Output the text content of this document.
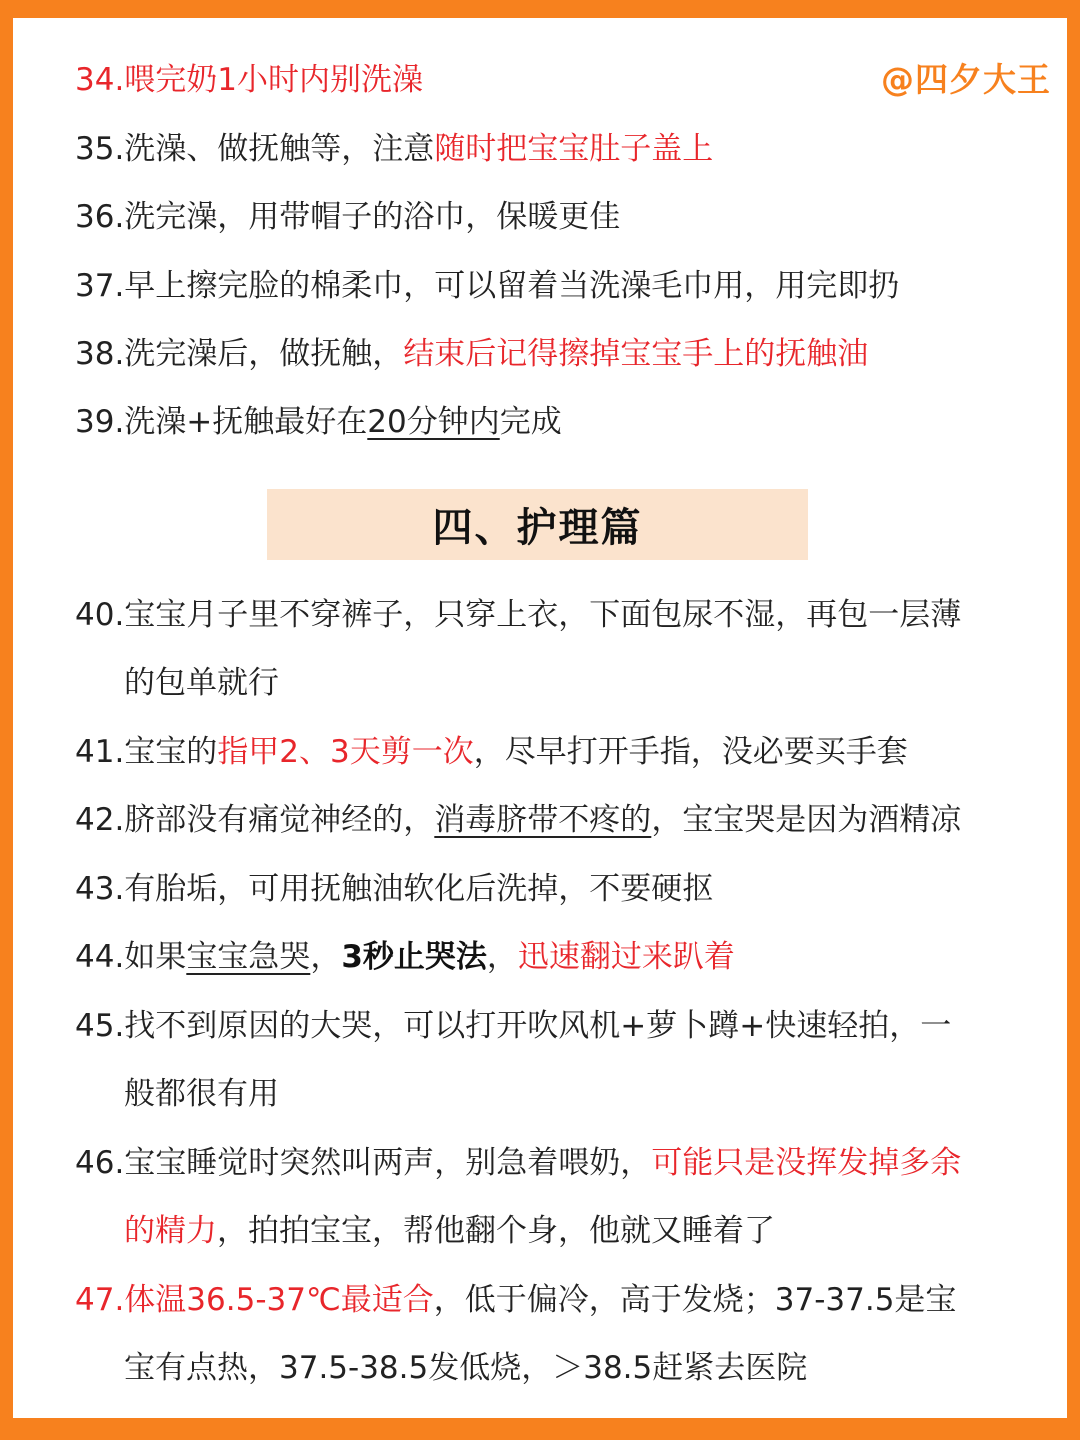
@四夕大王
34.喂完奶1小时内别洗澡
35.洗澡、做抚触等，注意随时把宝宝肚子盖上
36.洗完澡，用带帽子的浴巾，保暖更佳
37.早上擦完脸的棉柔巾，可以留着当洗澡毛巾用，用完即扔
38.洗完澡后，做抚触，结束后记得擦掉宝宝手上的抚触油
39.洗澡+抚触最好在20分钟内完成
四、护理篇
40.宝宝月子里不穿裤子，只穿上衣，下面包尿不湿，再包一层薄
的包单就行
41.宝宝的指甲2、3天剪一次，尽早打开手指，没必要买手套
42.脐部没有痛觉神经的，消毒脐带不疼的，宝宝哭是因为酒精凉
43.有胎垢，可用抚触油软化后洗掉，不要硬抠
44.如果宝宝急哭，3秒止哭法，迅速翻过来趴着
45.找不到原因的大哭，可以打开吹风机+萝卜蹲+快速轻拍，一
般都很有用
46.宝宝睡觉时突然叫两声，别急着喂奶，可能只是没挥发掉多余
的精力，拍拍宝宝，帮他翻个身，他就又睡着了
47.体温36.5-37℃最适合，低于偏冷，高于发烧；37-37.5是宝
宝有点热，37.5-38.5发低烧，＞38.5赶紧去医院
